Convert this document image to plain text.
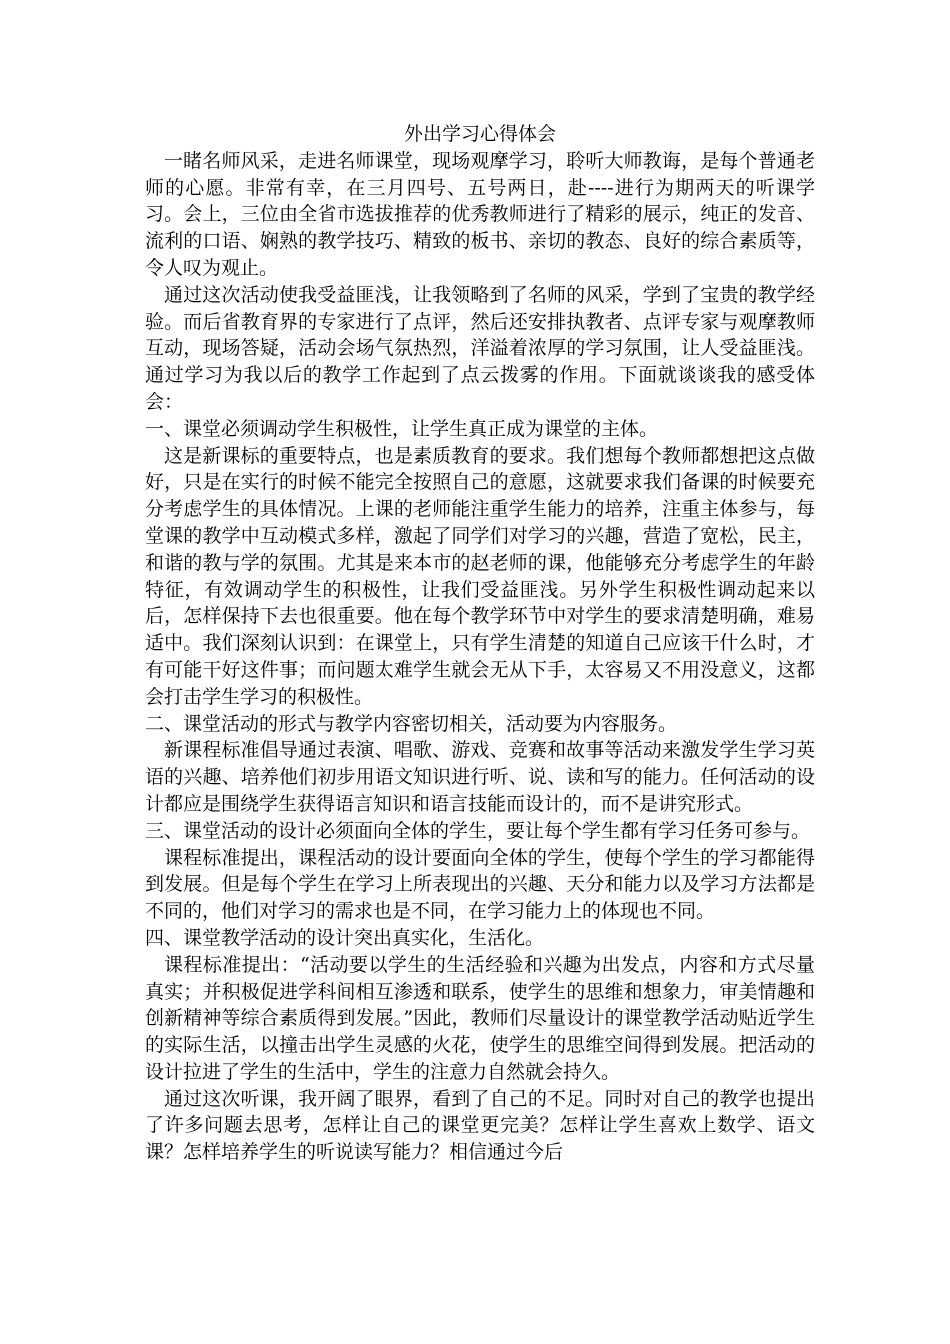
外出学习心得体会

一睹名师风采，走进名师课堂，现场观摩学习，聆听大师教诲，是每个普通老师的心愿。非常有幸，在三月四号、五号两日，赴----进行为期两天的听课学习。会上，三位由全省市选拔推荐的优秀教师进行了精彩的展示，纯正的发音、流利的口语、娴熟的教学技巧、精致的板书、亲切的教态、良好的综合素质等，令人叹为观止。

通过这次活动使我受益匪浅，让我领略到了名师的风采，学到了宝贵的教学经验。而后省教育界的专家进行了点评，然后还安排执教者、点评专家与观摩教师互动，现场答疑，活动会场气氛热烈，洋溢着浓厚的学习氛围，让人受益匪浅。通过学习为我以后的教学工作起到了点云拨雾的作用。下面就谈谈我的感受体会：

一、课堂必须调动学生积极性，让学生真正成为课堂的主体。

这是新课标的重要特点，也是素质教育的要求。我们想每个教师都想把这点做好，只是在实行的时候不能完全按照自己的意愿，这就要求我们备课的时候要充分考虑学生的具体情况。上课的老师能注重学生能力的培养，注重主体参与，每堂课的教学中互动模式多样，激起了同学们对学习的兴趣，营造了宽松，民主，和谐的教与学的氛围。尤其是来本市的赵老师的课，他能够充分考虑学生的年龄特征，有效调动学生的积极性，让我们受益匪浅。另外学生积极性调动起来以后，怎样保持下去也很重要。他在每个教学环节中对学生的要求清楚明确，难易适中。我们深刻认识到：在课堂上，只有学生清楚的知道自己应该干什么时，才有可能干好这件事；而问题太难学生就会无从下手，太容易又不用没意义，这都会打击学生学习的积极性。

二、课堂活动的形式与教学内容密切相关，活动要为内容服务。

新课程标准倡导通过表演、唱歌、游戏、竞赛和故事等活动来激发学生学习英语的兴趣、培养他们初步用语文知识进行听、说、读和写的能力。任何活动的设计都应是围绕学生获得语言知识和语言技能而设计的，而不是讲究形式。

三、课堂活动的设计必须面向全体的学生，要让每个学生都有学习任务可参与。

课程标准提出，课程活动的设计要面向全体的学生，使每个学生的学习都能得到发展。但是每个学生在学习上所表现出的兴趣、天分和能力以及学习方法都是不同的，他们对学习的需求也是不同，在学习能力上的体现也不同。

四、课堂教学活动的设计突出真实化，生活化。

课程标准提出：“活动要以学生的生活经验和兴趣为出发点，内容和方式尽量真实；并积极促进学科间相互渗透和联系，使学生的思维和想象力，审美情趣和创新精神等综合素质得到发展。”因此，教师们尽量设计的课堂教学活动贴近学生的实际生活，以撞击出学生灵感的火花，使学生的思维空间得到发展。把活动的设计拉进了学生的生活中，学生的注意力自然就会持久。

通过这次听课，我开阔了眼界，看到了自己的不足。同时对自己的教学也提出了许多问题去思考，怎样让自己的课堂更完美？怎样让学生喜欢上数学、语文课？怎样培养学生的听说读写能力？相信通过今后
